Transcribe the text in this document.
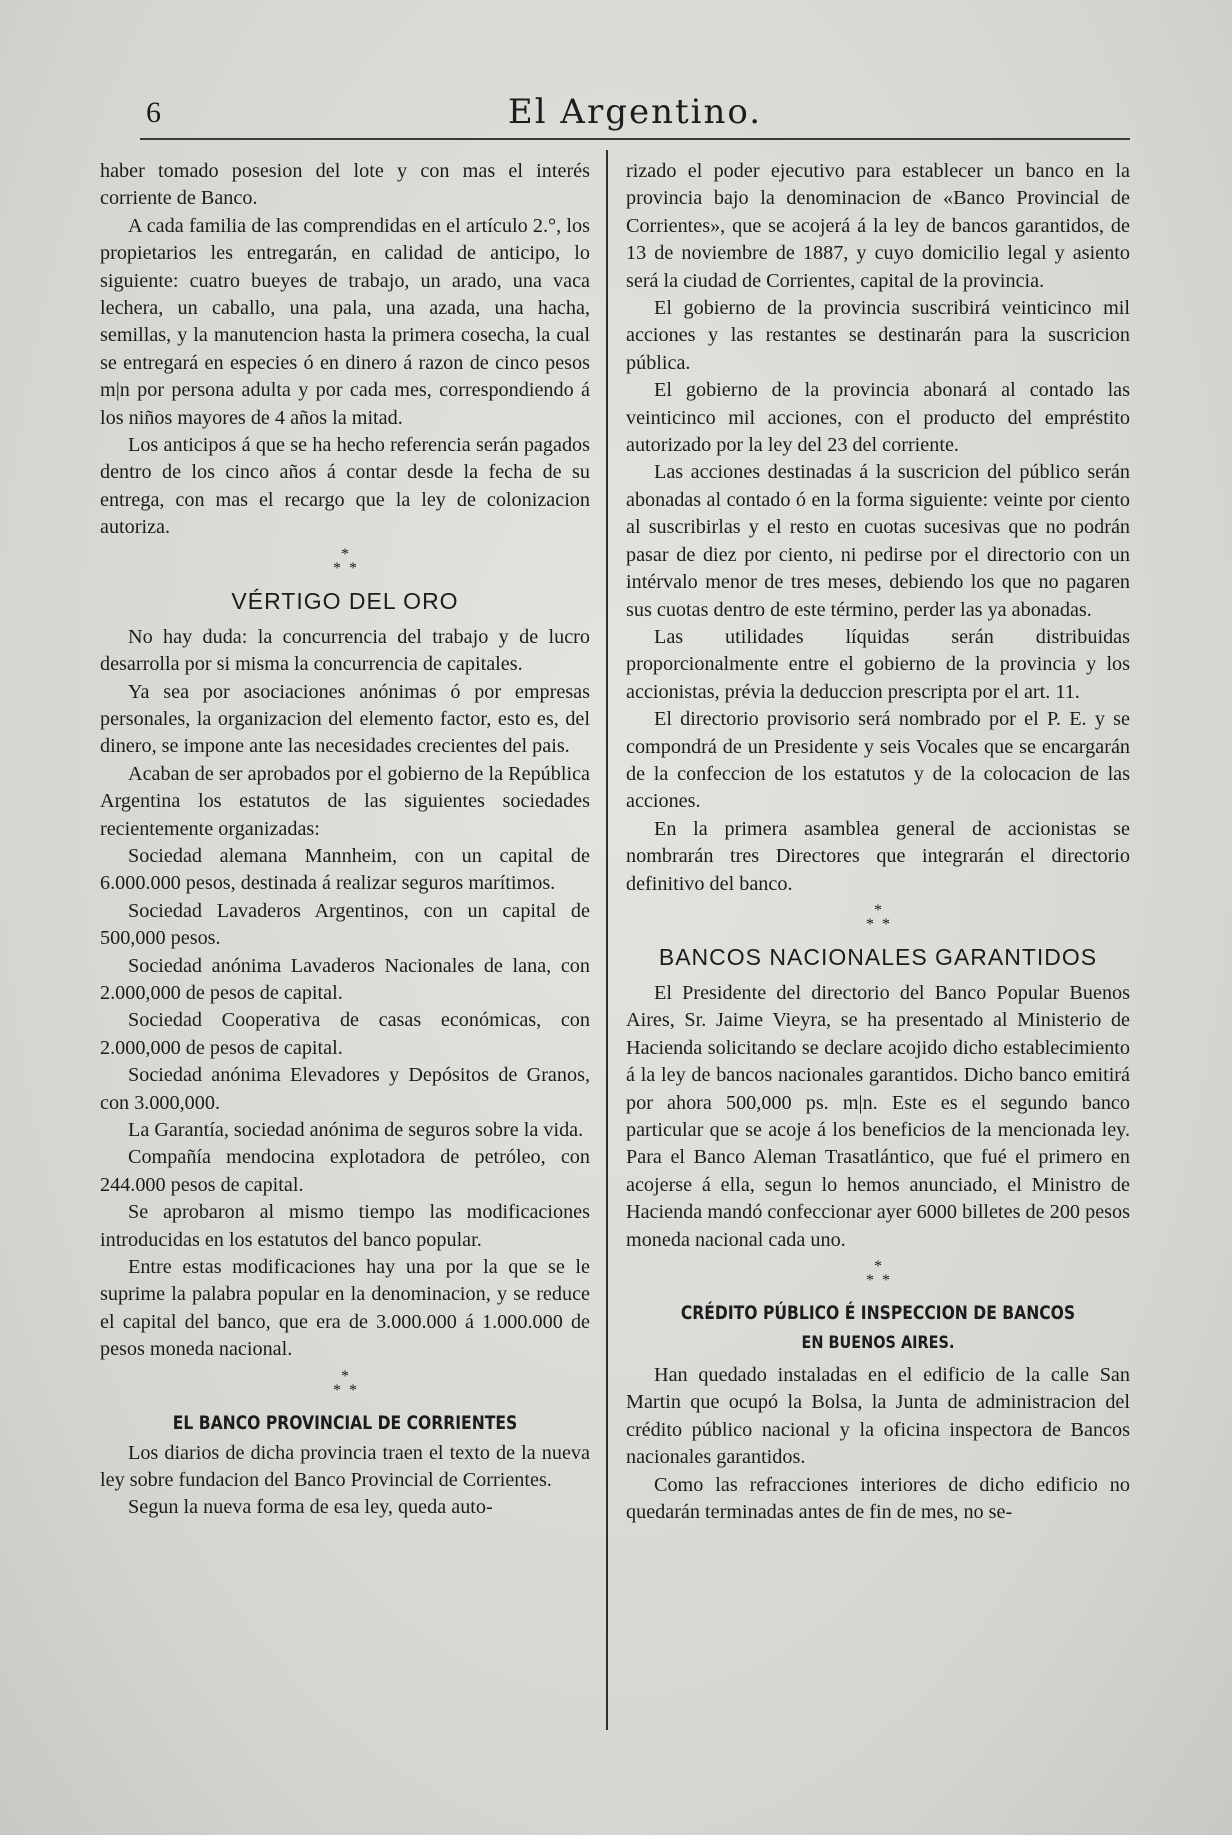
6	El Argentino.

haber tomado posesion del lote y con mas el interés corriente de Banco.

A cada familia de las comprendidas en el artículo 2.°, los propietarios les entregarán, en calidad de anticipo, lo siguiente: cuatro bueyes de trabajo, un arado, una vaca lechera, un caballo, una pala, una azada, una hacha, semillas, y la manutencion hasta la primera cosecha, la cual se entregará en especies ó en dinero á razon de cinco pesos m|n por persona adulta y por cada mes, correspondiendo á los niños mayores de 4 años la mitad.

Los anticipos á que se ha hecho referencia serán pagados dentro de los cinco años á contar desde la fecha de su entrega, con mas el recargo que la ley de colonizacion autoriza.

*
* *
VÉRTIGO DEL ORO

No hay duda: la concurrencia del trabajo y de lucro desarrolla por si misma la concurrencia de capitales.

Ya sea por asociaciones anónimas ó por empresas personales, la organizacion del elemento factor, esto es, del dinero, se impone ante las necesidades crecientes del pais.

Acaban de ser aprobados por el gobierno de la República Argentina los estatutos de las siguientes sociedades recientemente organizadas:

Sociedad alemana Mannheim, con un capital de 6.000.000 pesos, destinada á realizar seguros marítimos.

Sociedad Lavaderos Argentinos, con un capital de 500,000 pesos.

Sociedad anónima Lavaderos Nacionales de lana, con 2.000,000 de pesos de capital.

Sociedad Cooperativa de casas económicas, con 2.000,000 de pesos de capital.

Sociedad anónima Elevadores y Depósitos de Granos, con 3.000,000.

La Garantía, sociedad anónima de seguros sobre la vida.

Compañía mendocina explotadora de petróleo, con 244.000 pesos de capital.

Se aprobaron al mismo tiempo las modificaciones introducidas en los estatutos del banco popular.

Entre estas modificaciones hay una por la que se le suprime la palabra popular en la denominacion, y se reduce el capital del banco, que era de 3.000.000 á 1.000.000 de pesos moneda nacional.

*
* *
EL BANCO PROVINCIAL DE CORRIENTES

Los diarios de dicha provincia traen el texto de la nueva ley sobre fundacion del Banco Provincial de Corrientes.

Segun la nueva forma de esa ley, queda auto-

rizado el poder ejecutivo para establecer un banco en la provincia bajo la denominacion de «Banco Provincial de Corrientes», que se acojerá á la ley de bancos garantidos, de 13 de noviembre de 1887, y cuyo domicilio legal y asiento será la ciudad de Corrientes, capital de la provincia.

El gobierno de la provincia suscribirá veinticinco mil acciones y las restantes se destinarán para la suscricion pública.

El gobierno de la provincia abonará al contado las veinticinco mil acciones, con el producto del empréstito autorizado por la ley del 23 del corriente.

Las acciones destinadas á la suscricion del público serán abonadas al contado ó en la forma siguiente: veinte por ciento al suscribirlas y el resto en cuotas sucesivas que no podrán pasar de diez por ciento, ni pedirse por el directorio con un intérvalo menor de tres meses, debiendo los que no pagaren sus cuotas dentro de este término, perder las ya abonadas.

Las utilidades líquidas serán distribuidas proporcionalmente entre el gobierno de la provincia y los accionistas, prévia la deduccion prescripta por el art. 11.

El directorio provisorio será nombrado por el P. E. y se compondrá de un Presidente y seis Vocales que se encargarán de la confeccion de los estatutos y de la colocacion de las acciones.

En la primera asamblea general de accionistas se nombrarán tres Directores que integrarán el directorio definitivo del banco.

*
* *
BANCOS NACIONALES GARANTIDOS

El Presidente del directorio del Banco Popular Buenos Aires, Sr. Jaime Vieyra, se ha presentado al Ministerio de Hacienda solicitando se declare acojido dicho establecimiento á la ley de bancos nacionales garantidos. Dicho banco emitirá por ahora 500,000 ps. m|n. Este es el segundo banco particular que se acoje á los beneficios de la mencionada ley. Para el Banco Aleman Trasatlántico, que fué el primero en acojerse á ella, segun lo hemos anunciado, el Ministro de Hacienda mandó confeccionar ayer 6000 billetes de 200 pesos moneda nacional cada uno.

*
* *
CRÉDITO PÚBLICO É INSPECCION DE BANCOS
EN BUENOS AIRES.

Han quedado instaladas en el edificio de la calle San Martin que ocupó la Bolsa, la Junta de administracion del crédito público nacional y la oficina inspectora de Bancos nacionales garantidos.

Como las refracciones interiores de dicho edificio no quedarán terminadas antes de fin de mes, no se-
